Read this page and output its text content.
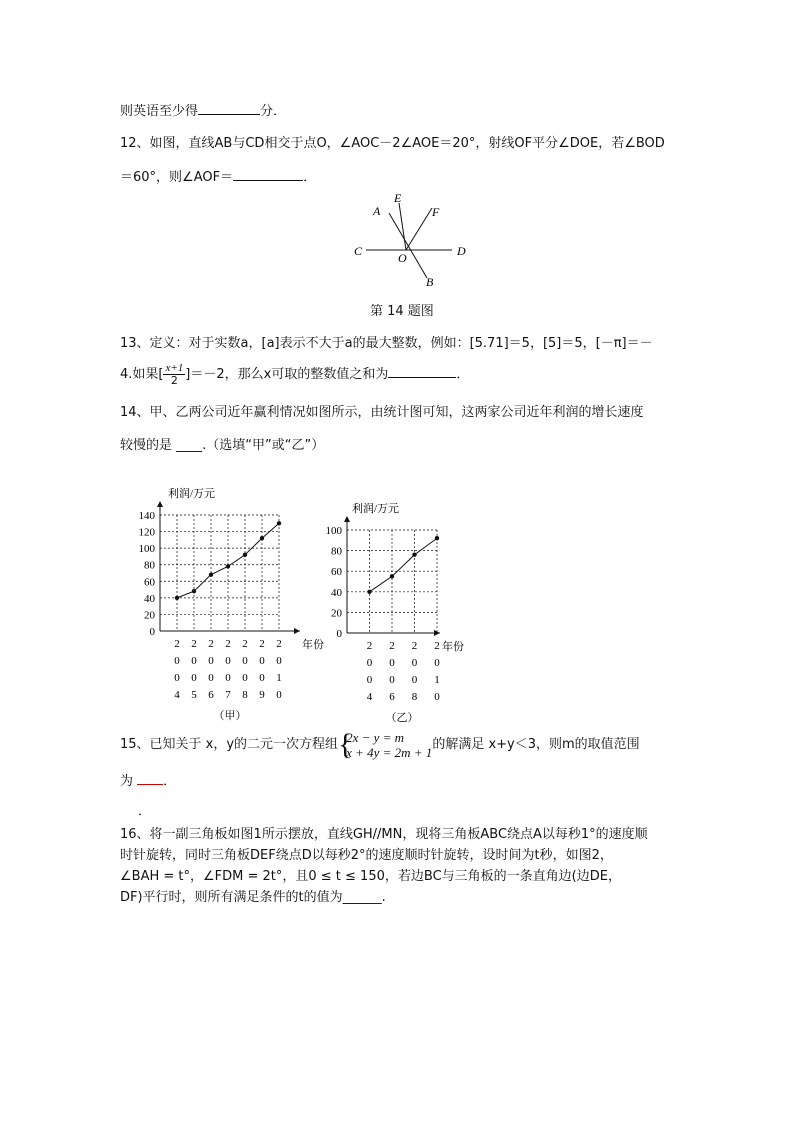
则英语至少得	分．
12、如图，直线AB与CD相交于点O，∠AOC－2∠AOE＝20°，射线OF平分∠DOE，若∠BOD
＝60°，则∠AOF＝	．
A
E
F
C	O	D
B
第 14 题图
13、定义：对于实数a，[a]表示不大于a的最大整数，例如：[5.71]＝5，[5]＝5，[－π]＝－
4.如果[ $\frac{x+1}{2} ]=-2$，那么x可取的整数值之和为	．
14、甲、乙两公司近年赢利情况如图所示，由统计图可知，这两家公司近年利润的增长速度
较慢的是 ____.（选填“甲”或“乙”）
0
20
40
60
80
100
120
140
利润/万元
年份
2
0
0
4
2
0
0
5
2
0
0
6
2
0
0
7
2
0
0
8
2
0
0
9
2
0
1
0
（甲）
0
20
40
60
80
100
利润/万元
年份
2
0
0
4
2
0
0
6
2
0
0
8
2
0
1
0
（乙）
15、已知关于 x，y的二元一次方程组 {
2x − y = m
x + 4y = 2m + 1 的解满足 x+y＜3，则m的取值范围
为 ．
．
16、将一副三角板如图1所示摆放，直线GH//MN，现将三角板ABC绕点A以每秒1°的速度顺
时针旋转，同时三角板DEF绕点D以每秒2°的速度顺时针旋转，设时间为t秒，如图2，
∠BAH = t°，∠FDM = 2t°，且0 ≤ t ≤ 150，若边BC与三角板的一条直角边(边DE，
DF)平行时，则所有满足条件的t的值为______.
